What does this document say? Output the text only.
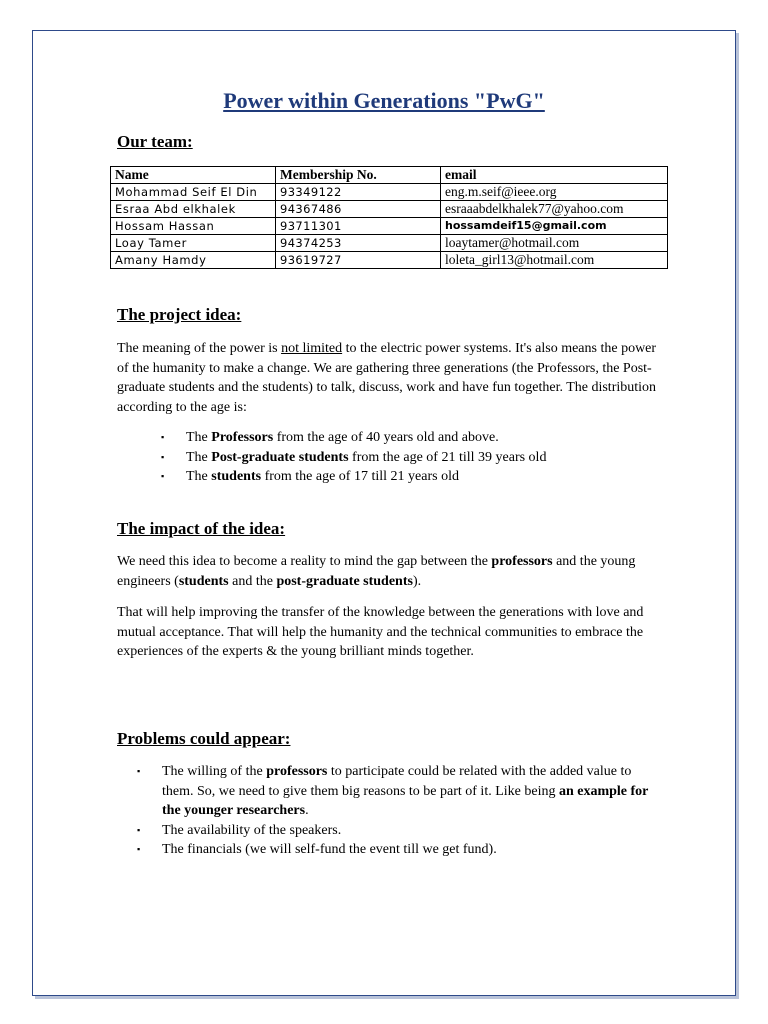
Power within Generations "PwG"
Our team:
Name	Membership No.	email
Mohammad Seif El Din	93349122	eng.m.seif@ieee.org
Esraa Abd elkhalek	94367486	esraaabdelkhalek77@yahoo.com
Hossam Hassan	93711301	hossamdeif15@gmail.com
Loay Tamer	94374253	loaytamer@hotmail.com
Amany Hamdy	93619727	loleta_girl13@hotmail.com
The project idea:

The meaning of the power is not limited to the electric power systems. It's also means the power of the humanity to make a change. We are gathering three generations (the Professors, the Post-graduate students and the students) to talk, discuss, work and have fun together. The distribution according to the age is:

▪ The Professors from the age of 40 years old and above.
▪ The Post-graduate students from the age of 21 till 39 years old
▪ The students from the age of 17 till 21 years old
The impact of the idea:

We need this idea to become a reality to mind the gap between the professors and the young engineers (students and the post-graduate students).

That will help improving the transfer of the knowledge between the generations with love and mutual acceptance. That will help the humanity and the technical communities to embrace the experiences of the experts & the young brilliant minds together.

Problems could appear:
▪ The willing of the professors to participate could be related with the added value to them. So, we need to give them big reasons to be part of it. Like being an example for the younger researchers.
▪ The availability of the speakers.
▪ The financials (we will self-fund the event till we get fund).
